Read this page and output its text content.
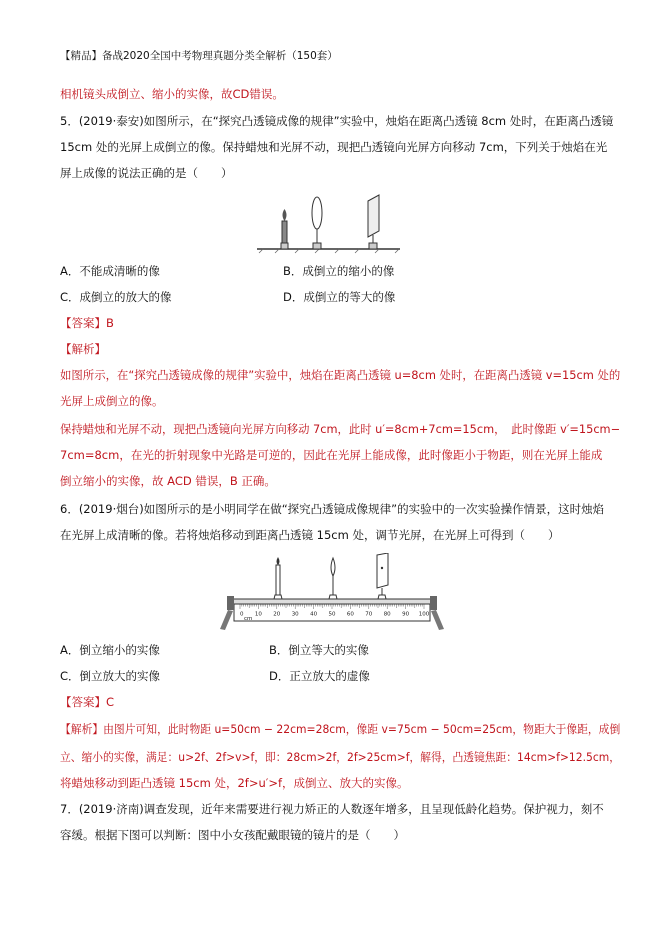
【精品】备战2020全国中考物理真题分类全解析（150套）
相机镜头成倒立、缩小的实像，故CD错误。
5．(2019·泰安)如图所示，在“探究凸透镜成像的规律”实验中，烛焰在距离凸透镜 8cm 处时，在距离凸透镜
15cm 处的光屏上成倒立的像。保持蜡烛和光屏不动，现把凸透镜向光屏方向移动 7cm，下列关于烛焰在光
屏上成像的说法正确的是（　　）
A．不能成清晰的像	B．成倒立的缩小的像
C．成倒立的放大的像	D．成倒立的等大的像
【答案】B
【解析】
如图所示，在“探究凸透镜成像的规律”实验中，烛焰在距离凸透镜 u=8cm 处时，在距离凸透镜 v=15cm 处的
光屏上成倒立的像。
保持蜡烛和光屏不动，现把凸透镜向光屏方向移动 7cm，此时 u′=8cm+7cm=15cm，　此时像距 v′=15cm−
7cm=8cm，在光的折射现象中光路是可逆的，因此在光屏上能成像，此时像距小于物距，则在光屏上能成
倒立缩小的实像，故 ACD 错误，B 正确。
6．(2019·烟台)如图所示的是小明同学在做“探究凸透镜成像规律”的实验中的一次实验操作情景，这时烛焰
在光屏上成清晰的像。若将烛焰移动到距离凸透镜 15cm 处，调节光屏，在光屏上可得到（　　）
0
cm
10 20 30 40 50 60 70 80 90 100
A．倒立缩小的实像	B．倒立等大的实像
C．倒立放大的实像	D．正立放大的虚像
【答案】C
【解析】由图片可知，此时物距 u=50cm − 22cm=28cm，像距 v=75cm − 50cm=25cm，物距大于像距，成倒
立、缩小的实像，满足：u>2f、2f>v>f，即：28cm>2f，2f>25cm>f，解得，凸透镜焦距：14cm>f>12.5cm，
将蜡烛移动到距凸透镜 15cm 处，2f>u′>f，成倒立、放大的实像。
7．(2019·济南)调查发现，近年来需要进行视力矫正的人数逐年增多，且呈现低龄化趋势。保护视力，刻不
容缓。根据下图可以判断：图中小女孩配戴眼镜的镜片的是（　　）
